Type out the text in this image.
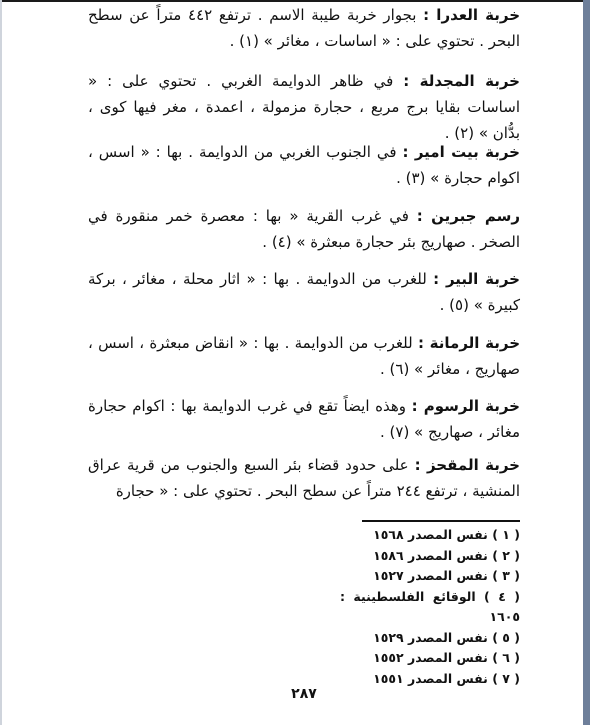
خربة العدرا : بجوار خربة طيبة الاسم . ترتفع ٤٤٢ متراً عن سطح البحر . تحتوي على : « اساسات ، مغائر » (١) .

خربة المجدلة : في ظاهر الدوايمة الغربي . تحتوي على : « اساسات بقايا برج مربع ، حجارة مزمولة ، اعمدة ، مغر فيها كوى ، بدُّان » (٢) .

خربة بيت امير : في الجنوب الغربي من الدوايمة . بها : « اسس ، اكوام حجارة » (٣) .

رسم جبرين : في غرب القرية « بها : معصرة خمر منقورة في الصخر . صهاريج بئر حجارة مبعثرة » (٤) .

خربة البير : للغرب من الدوايمة . بها : « اثار محلة ، مغائر ، بركة كبيرة » (٥) .

خربة الرمانة : للغرب من الدوايمة . بها : « انقاض مبعثرة ، اسس ، صهاريج ، مغائر » (٦) .

خربة الرسوم : وهذه ايضاً تقع في غرب الدوايمة بها : اكوام حجارة مغائر ، صهاريج » (٧) .

خربة المقحز : على حدود قضاء بئر السبع والجنوب من قرية عراق المنشية ، ترتفع ٢٤٤ متراً عن سطح البحر . تحتوي على : « حجارة

( ١ ) نفس المصدر ١٥٦٨
( ٢ ) نفس المصدر ١٥٨٦
( ٣ ) نفس المصدر ١٥٢٧
( ٤ ) الوقائع الفلسطينية : ١٦٠٥
( ٥ ) نفس المصدر ١٥٢٩
( ٦ ) نفس المصدر ١٥٥٢
( ٧ ) نفس المصدر ١٥٥١
٢٨٧
